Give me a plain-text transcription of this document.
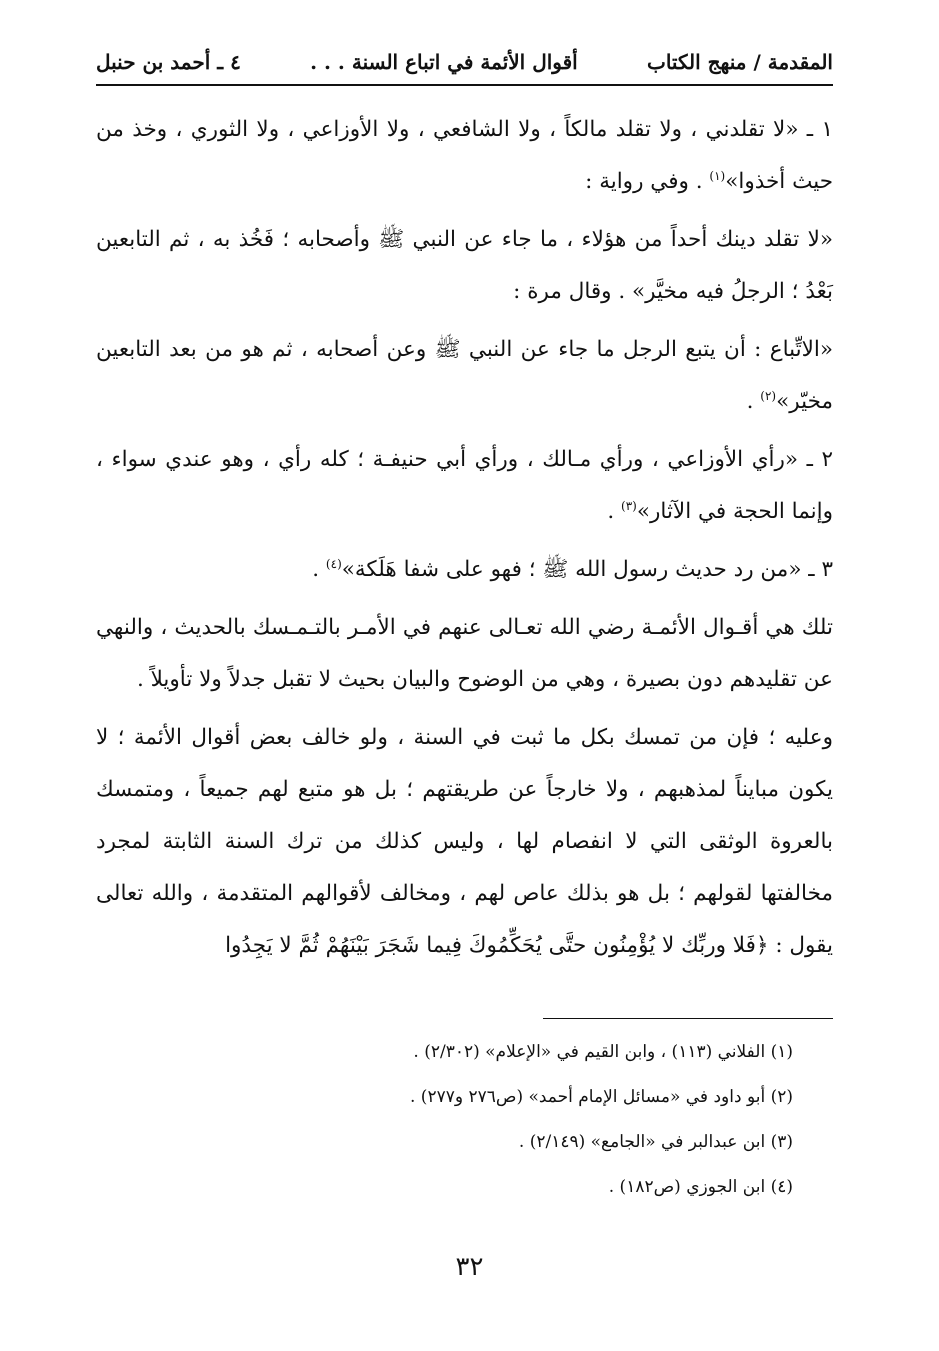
المقدمة / منهج الكتاب
أقوال الأئمة في اتباع السنة . . .
٤ ـ أحمد بن حنبل

١ ـ «لا تقلدني ، ولا تقلد مالكاً ، ولا الشافعي ، ولا الأوزاعي ، ولا الثوري ، وخذ من حيث أخذوا»$^{(١)}$ . وفي رواية :

«لا تقلد دينك أحداً من هؤلاء ، ما جاء عن النبي ﷺ وأصحابه ؛ فَخُذ به ، ثم التابعين بَعْدُ ؛ الرجلُ فيه مخيَّر» . وقال مرة :

«الاتِّباع : أن يتبع الرجل ما جاء عن النبي ﷺ وعن أصحابه ، ثم هو من بعد التابعين مخيّر»$^{(٢)}$ .

٢ ـ «رأي الأوزاعي ، ورأي مـالك ، ورأي أبي حنيفـة ؛ كله رأي ، وهو عندي سواء ، وإنما الحجة في الآثار»$^{(٣)}$ .

٣ ـ «من رد حديث رسول الله ﷺ ؛ فهو على شفا هَلَكة»$^{(٤)}$ .

تلك هي أقـوال الأئمـة رضي الله تعـالى عنهم في الأمـر بالتـمـسك بالحديث ، والنهي عن تقليدهم دون بصيرة ، وهي من الوضوح والبيان بحيث لا تقبل جدلاً ولا تأويلاً .

وعليه ؛ فإن من تمسك بكل ما ثبت في السنة ، ولو خالف بعض أقوال الأئمة ؛ لا يكون مبايناً لمذهبهم ، ولا خارجاً عن طريقتهم ؛ بل هو متبع لهم جميعاً ، ومتمسك بالعروة الوثقى التي لا انفصام لها ، وليس كذلك من ترك السنة الثابتة لمجرد مخالفتها لقولهم ؛ بل هو بذلك عاص لهم ، ومخالف لأقوالهم المتقدمة ، والله تعالى يقول : ﴿فَلا وربِّك لا يُؤْمِنُون حتَّى يُحَكِّمُوكَ فِيما شَجَرَ بَيْنَهُمْ ثُمَّ لا يَجِدُوا

(١) الفلاني (١١٣) ، وابن القيم في «الإعلام» (٢/٣٠٢) .

(٢) أبو داود في «مسائل الإمام أحمد» (ص٢٧٦ و٢٧٧) .

(٣) ابن عبدالبر في «الجامع» (٢/١٤٩) .

(٤) ابن الجوزي (ص١٨٢) .

٣٢
